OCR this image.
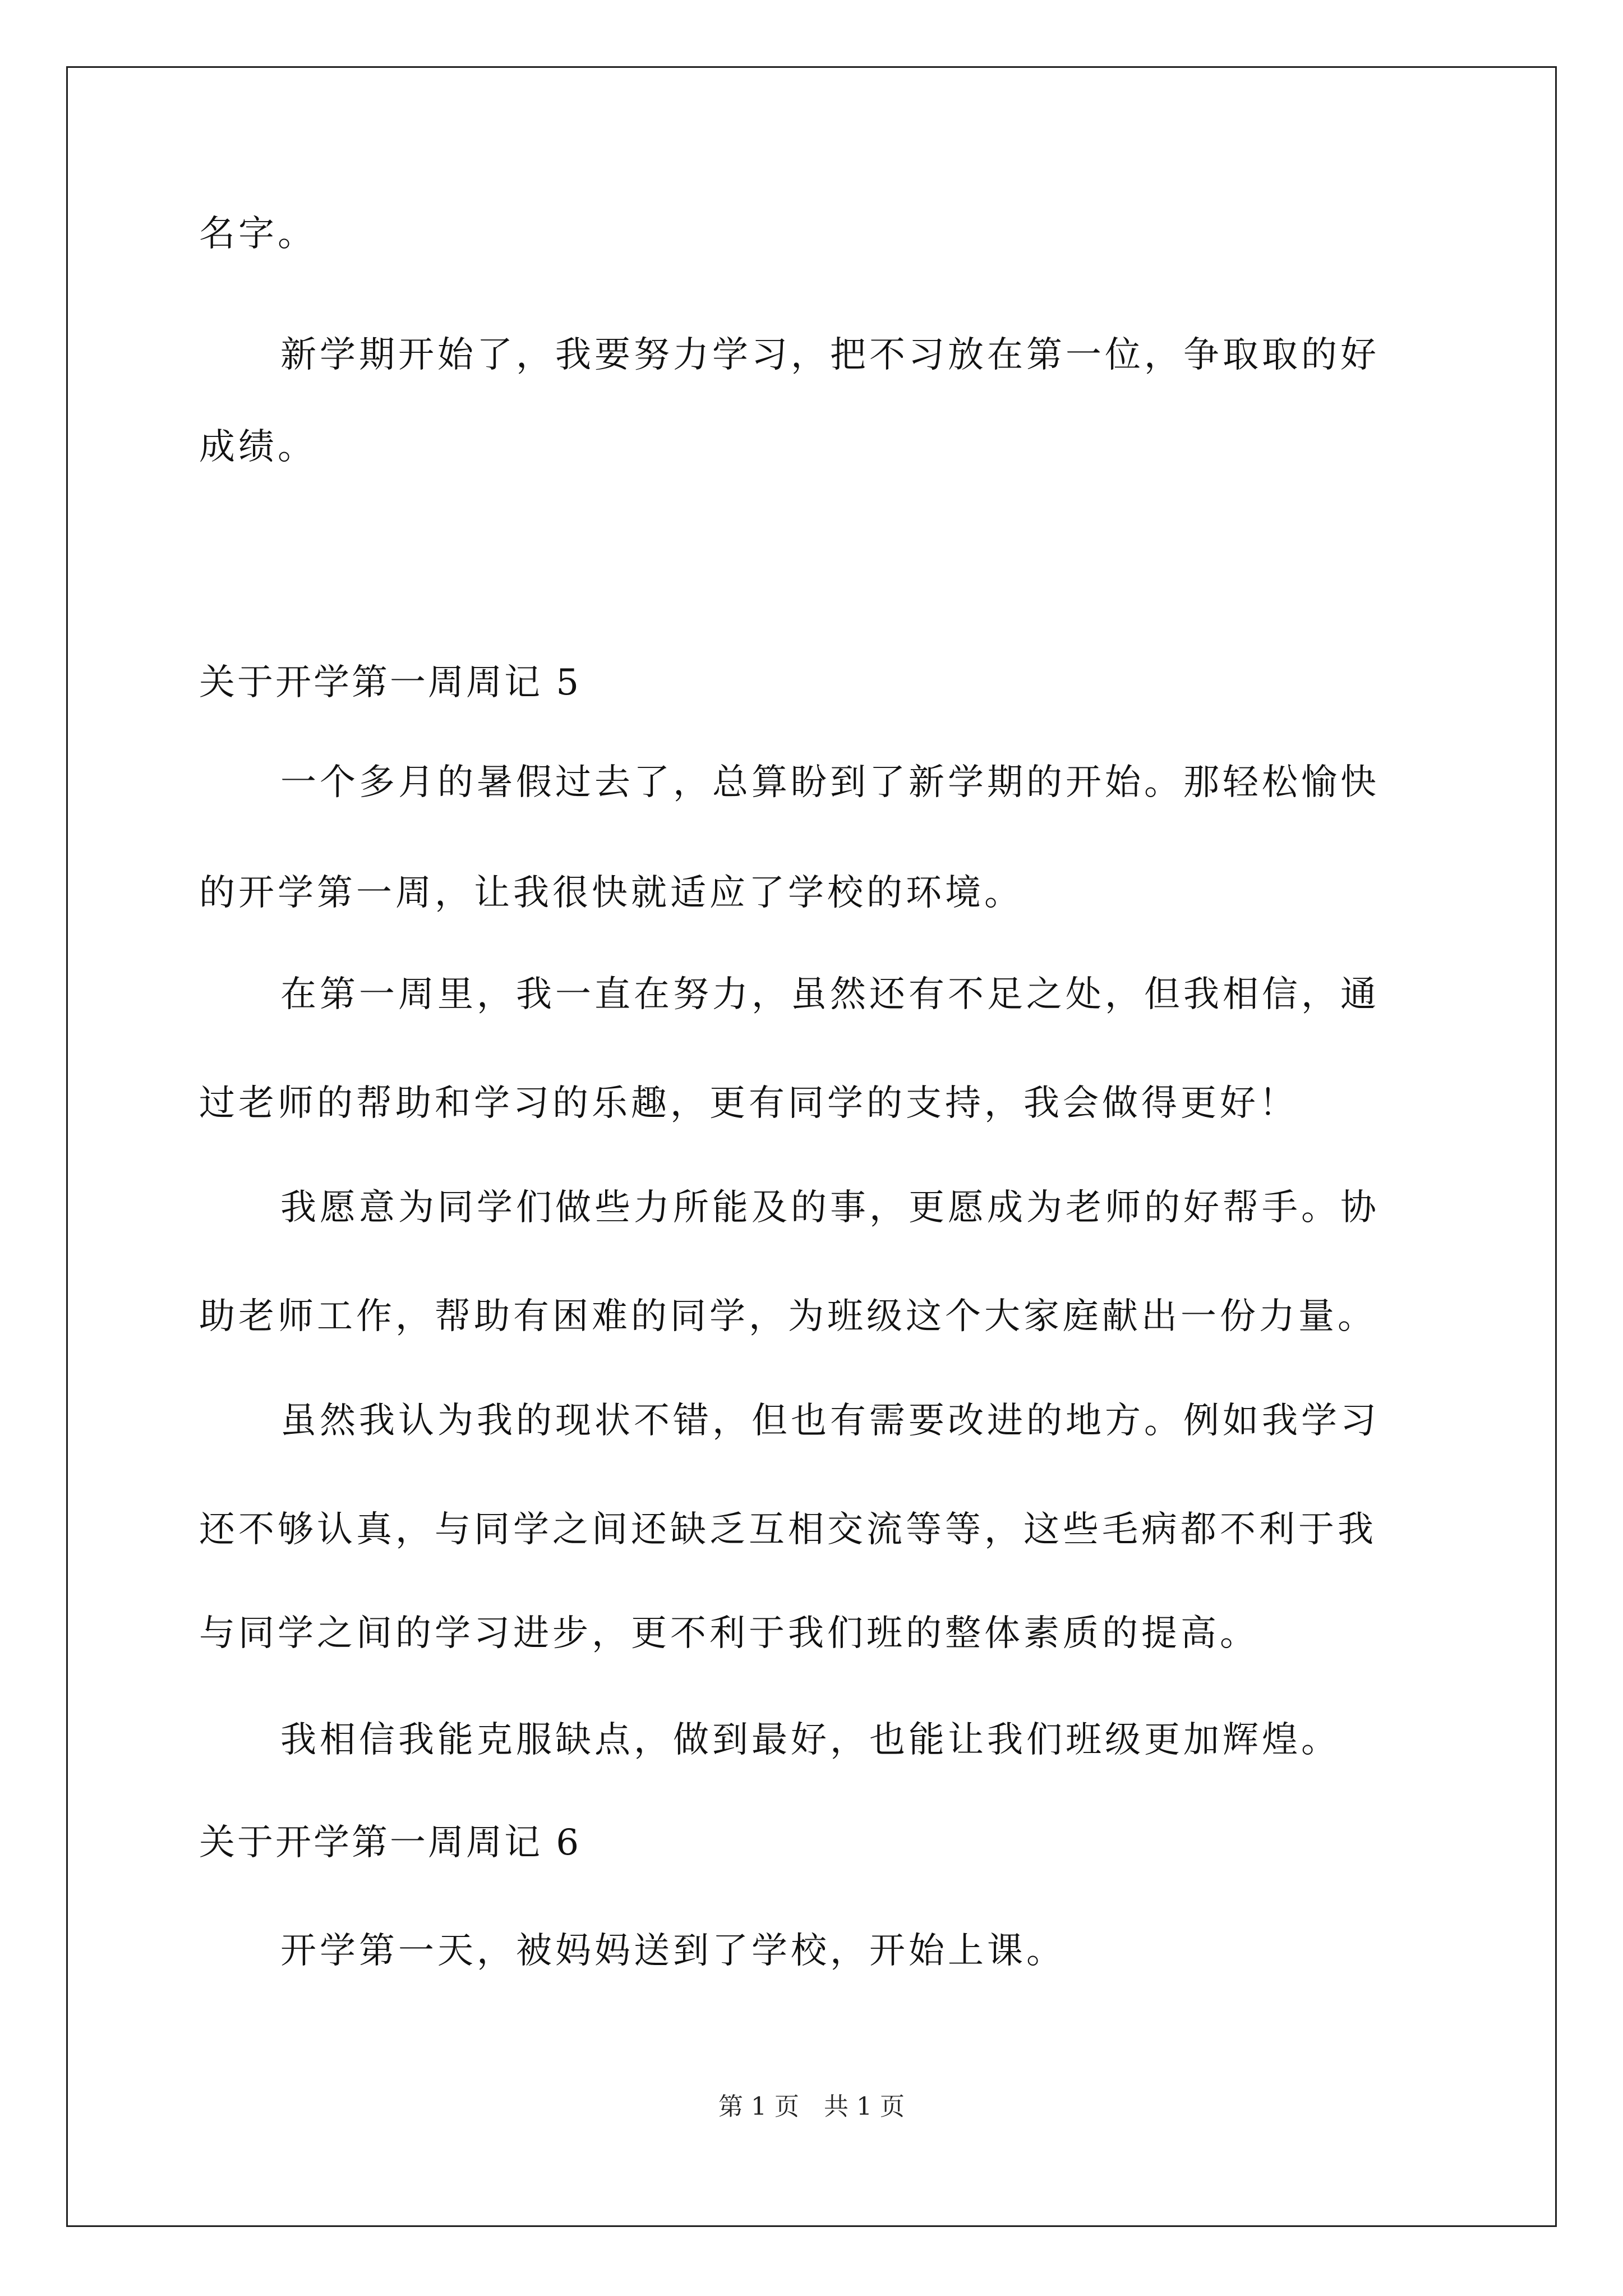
名字。
新学期开始了，我要努力学习，把不习放在第一位，争取取的好
成绩。
关于开学第一周周记 5
一个多月的暑假过去了，总算盼到了新学期的开始。那轻松愉快
的开学第一周，让我很快就适应了学校的环境。
在第一周里，我一直在努力，虽然还有不足之处，但我相信，通
过老师的帮助和学习的乐趣，更有同学的支持，我会做得更好！
我愿意为同学们做些力所能及的事，更愿成为老师的好帮手。协
助老师工作，帮助有困难的同学，为班级这个大家庭献出一份力量。
虽然我认为我的现状不错，但也有需要改进的地方。例如我学习
还不够认真，与同学之间还缺乏互相交流等等，这些毛病都不利于我
与同学之间的学习进步，更不利于我们班的整体素质的提高。
我相信我能克服缺点，做到最好，也能让我们班级更加辉煌。
关于开学第一周周记 6
开学第一天，被妈妈送到了学校，开始上课。
第 1 页　共 1 页
